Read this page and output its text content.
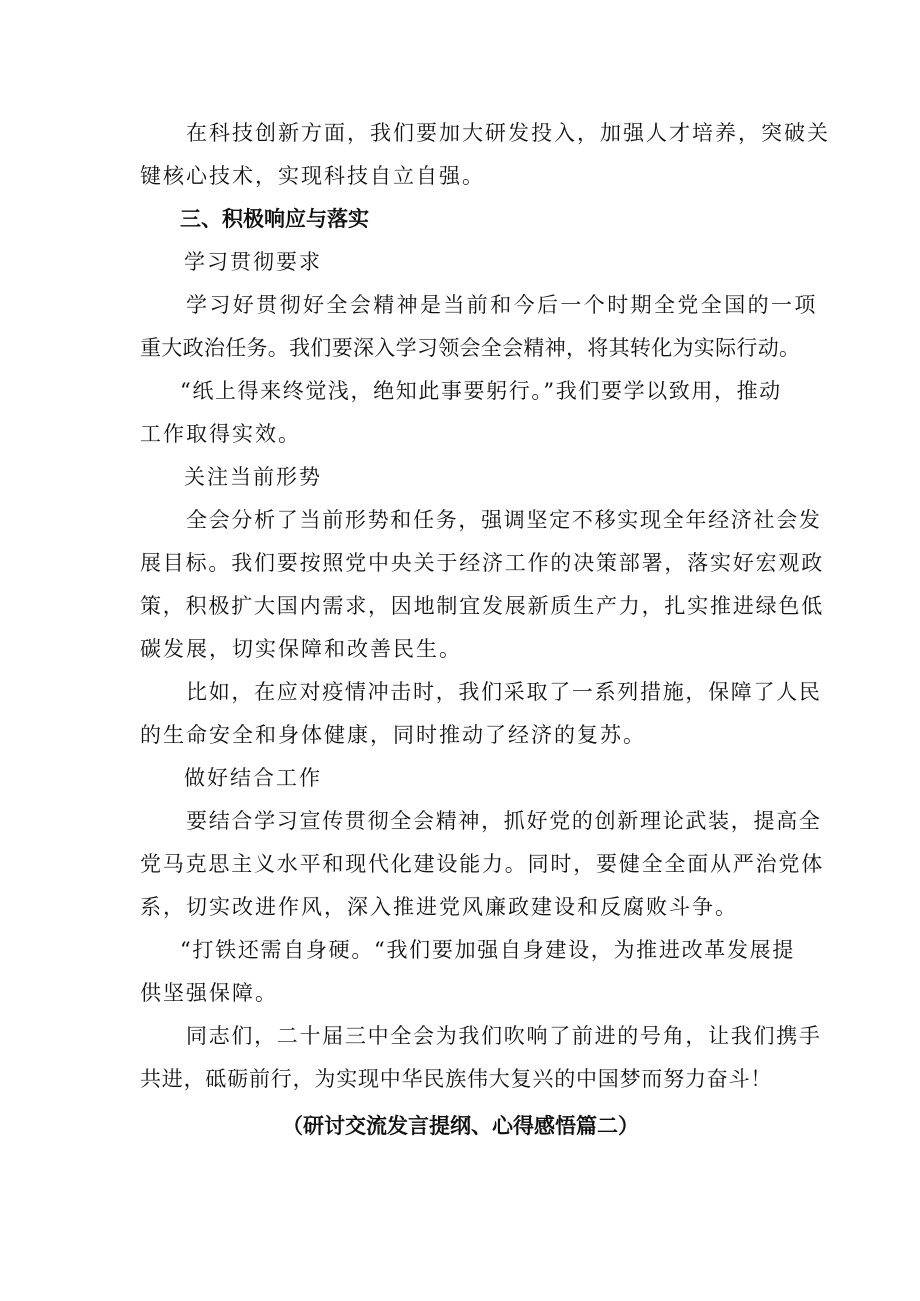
在科技创新方面，我们要加大研发投入，加强人才培养，突破关
键核心技术，实现科技自立自强。
三、积极响应与落实
学习贯彻要求
学习好贯彻好全会精神是当前和今后一个时期全党全国的一项
重大政治任务。我们要深入学习领会全会精神，将其转化为实际行动。
“纸上得来终觉浅，绝知此事要躬行。”我们要学以致用，推动
工作取得实效。
关注当前形势
全会分析了当前形势和任务，强调坚定不移实现全年经济社会发
展目标。我们要按照党中央关于经济工作的决策部署，落实好宏观政
策，积极扩大国内需求，因地制宜发展新质生产力，扎实推进绿色低
碳发展，切实保障和改善民生。
比如，在应对疫情冲击时，我们采取了一系列措施，保障了人民
的生命安全和身体健康，同时推动了经济的复苏。
做好结合工作
要结合学习宣传贯彻全会精神，抓好党的创新理论武装，提高全
党马克思主义水平和现代化建设能力。同时，要健全全面从严治党体
系，切实改进作风，深入推进党风廉政建设和反腐败斗争。
“打铁还需自身硬。“我们要加强自身建设，为推进改革发展提
供坚强保障。
同志们，二十届三中全会为我们吹响了前进的号角，让我们携手
共进，砥砺前行，为实现中华民族伟大复兴的中国梦而努力奋斗！
（研讨交流发言提纲、心得感悟篇二）
